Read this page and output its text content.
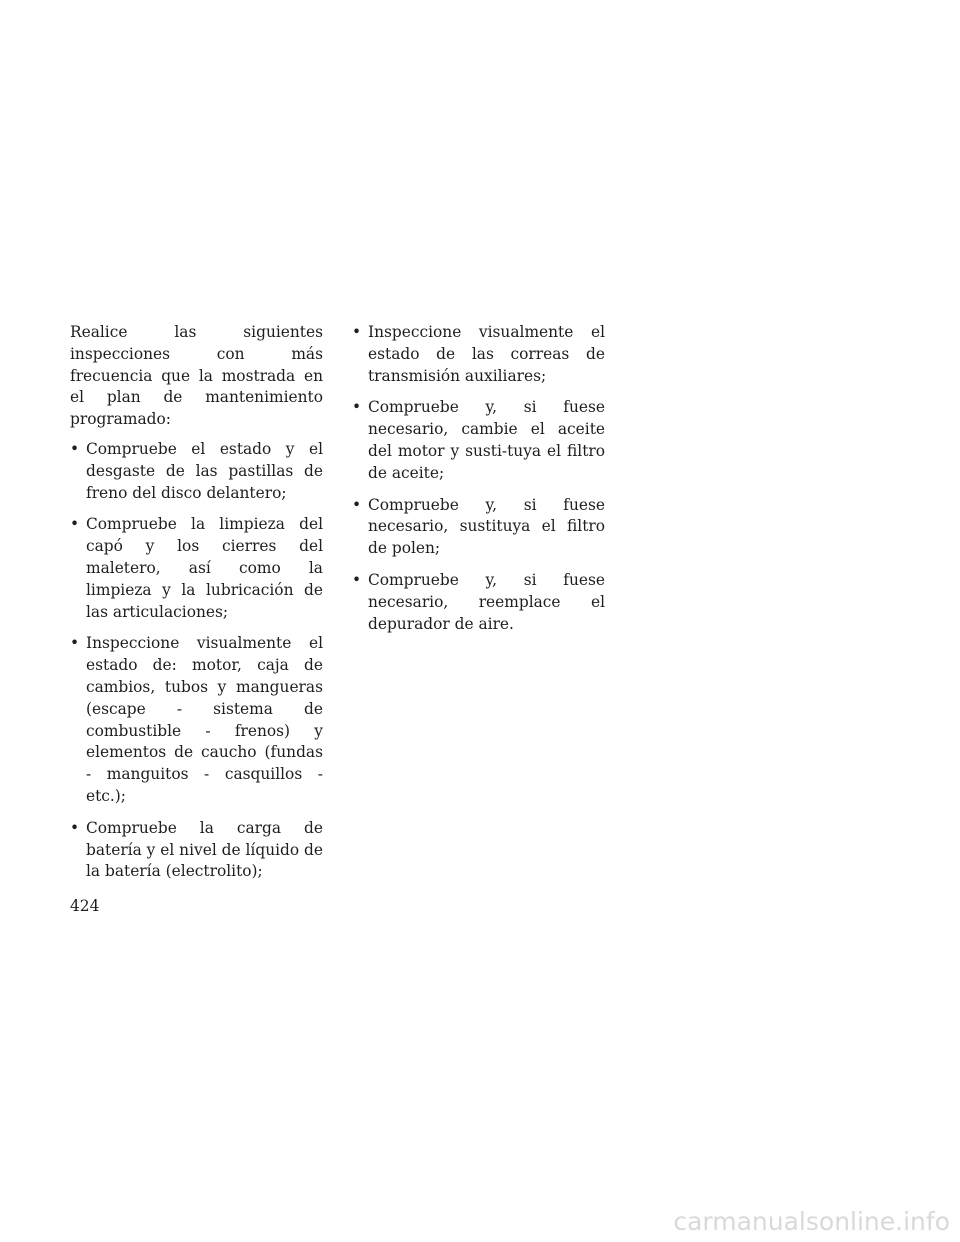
Realice las siguientes inspecciones con más frecuencia que la mostrada en el plan de mantenimiento programado:

• Compruebe el estado y el desgaste de las pastillas de freno del disco delantero;
• Compruebe la limpieza del capó y los cierres del maletero, así como la limpieza y la lubricación de las articulaciones;
• Inspeccione visualmente el estado de: motor, caja de cambios, tubos y mangueras (escape - sistema de combustible - frenos) y elementos de caucho (fundas - manguitos - casquillos - etc.);
• Compruebe la carga de batería y el nivel de líquido de la batería (electrolito);
• Inspeccione visualmente el estado de las correas de transmisión auxiliares;
• Compruebe y, si fuese necesario, cambie el aceite del motor y susti-tuya el filtro de aceite;
• Compruebe y, si fuese necesario, sustituya el filtro de polen;
• Compruebe y, si fuese necesario, reemplace el depurador de aire.
424
carmanualsonline.info
